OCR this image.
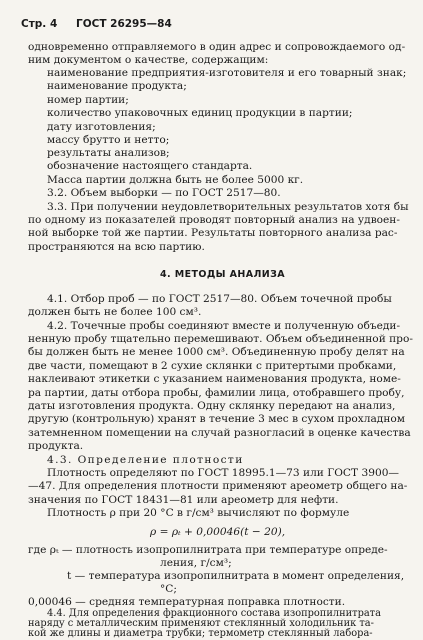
Стр. 4 ГОСТ 26295—84
одновременно отправляемого в один адрес и сопровождаемого од-
ним документом о качестве, содержащим:
наименование предприятия-изготовителя и его товарный знак;
наименование продукта;
номер партии;
количество упаковочных единиц продукции в партии;
дату изготовления;
массу брутто и нетто;
результаты анализов;
обозначение настоящего стандарта.
Масса партии должна быть не более 5000 кг.
3.2. Объем выборки — по ГОСТ 2517—80.
3.3. При получении неудовлетворительных результатов хотя бы
по одному из показателей проводят повторный анализ на удвоен-
ной выборке той же партии. Результаты повторного анализа рас-
пространяются на всю партию.
4. МЕТОДЫ АНАЛИЗА
4.1. Отбор проб — по ГОСТ 2517—80. Объем точечной пробы
должен быть не более 100 см³.
4.2. Точечные пробы соединяют вместе и полученную объеди-
ненную пробу тщательно перемешивают. Объем объединенной про-
бы должен быть не менее 1000 см³. Объединенную пробу делят на
две части, помещают в 2 сухие склянки с притертыми пробками,
наклеивают этикетки с указанием наименования продукта, номе-
ра партии, даты отбора пробы, фамилии лица, отобравшего пробу,
даты изготовления продукта. Одну склянку передают на анализ,
другую (контрольную) хранят в течение 3 мес в сухом прохладном
затемненном помещении на случай разногласий в оценке качества
продукта.
4.3. Определение плотности
Плотность определяют по ГОСТ 18995.1—73 или ГОСТ 3900—
—47. Для определения плотности применяют ареометр общего на-
значения по ГОСТ 18431—81 или ареометр для нефти.
Плотность ρ при 20 °С в г/см³ вычисляют по формуле
ρ = ρₜ + 0,00046(t − 20),
где ρₜ — плотность изопропилнитрата при температуре опреде-
ления, г/см³;
t — температура изопропилнитрата в момент определения,
°С;
0,00046 — средняя температурная поправка плотности.
4.4. Для определения фракционного состава изопропилнитрата
наряду с металлическим применяют стеклянный холодильник та-
кой же длины и диаметра трубки; термометр стеклянный лабора-
